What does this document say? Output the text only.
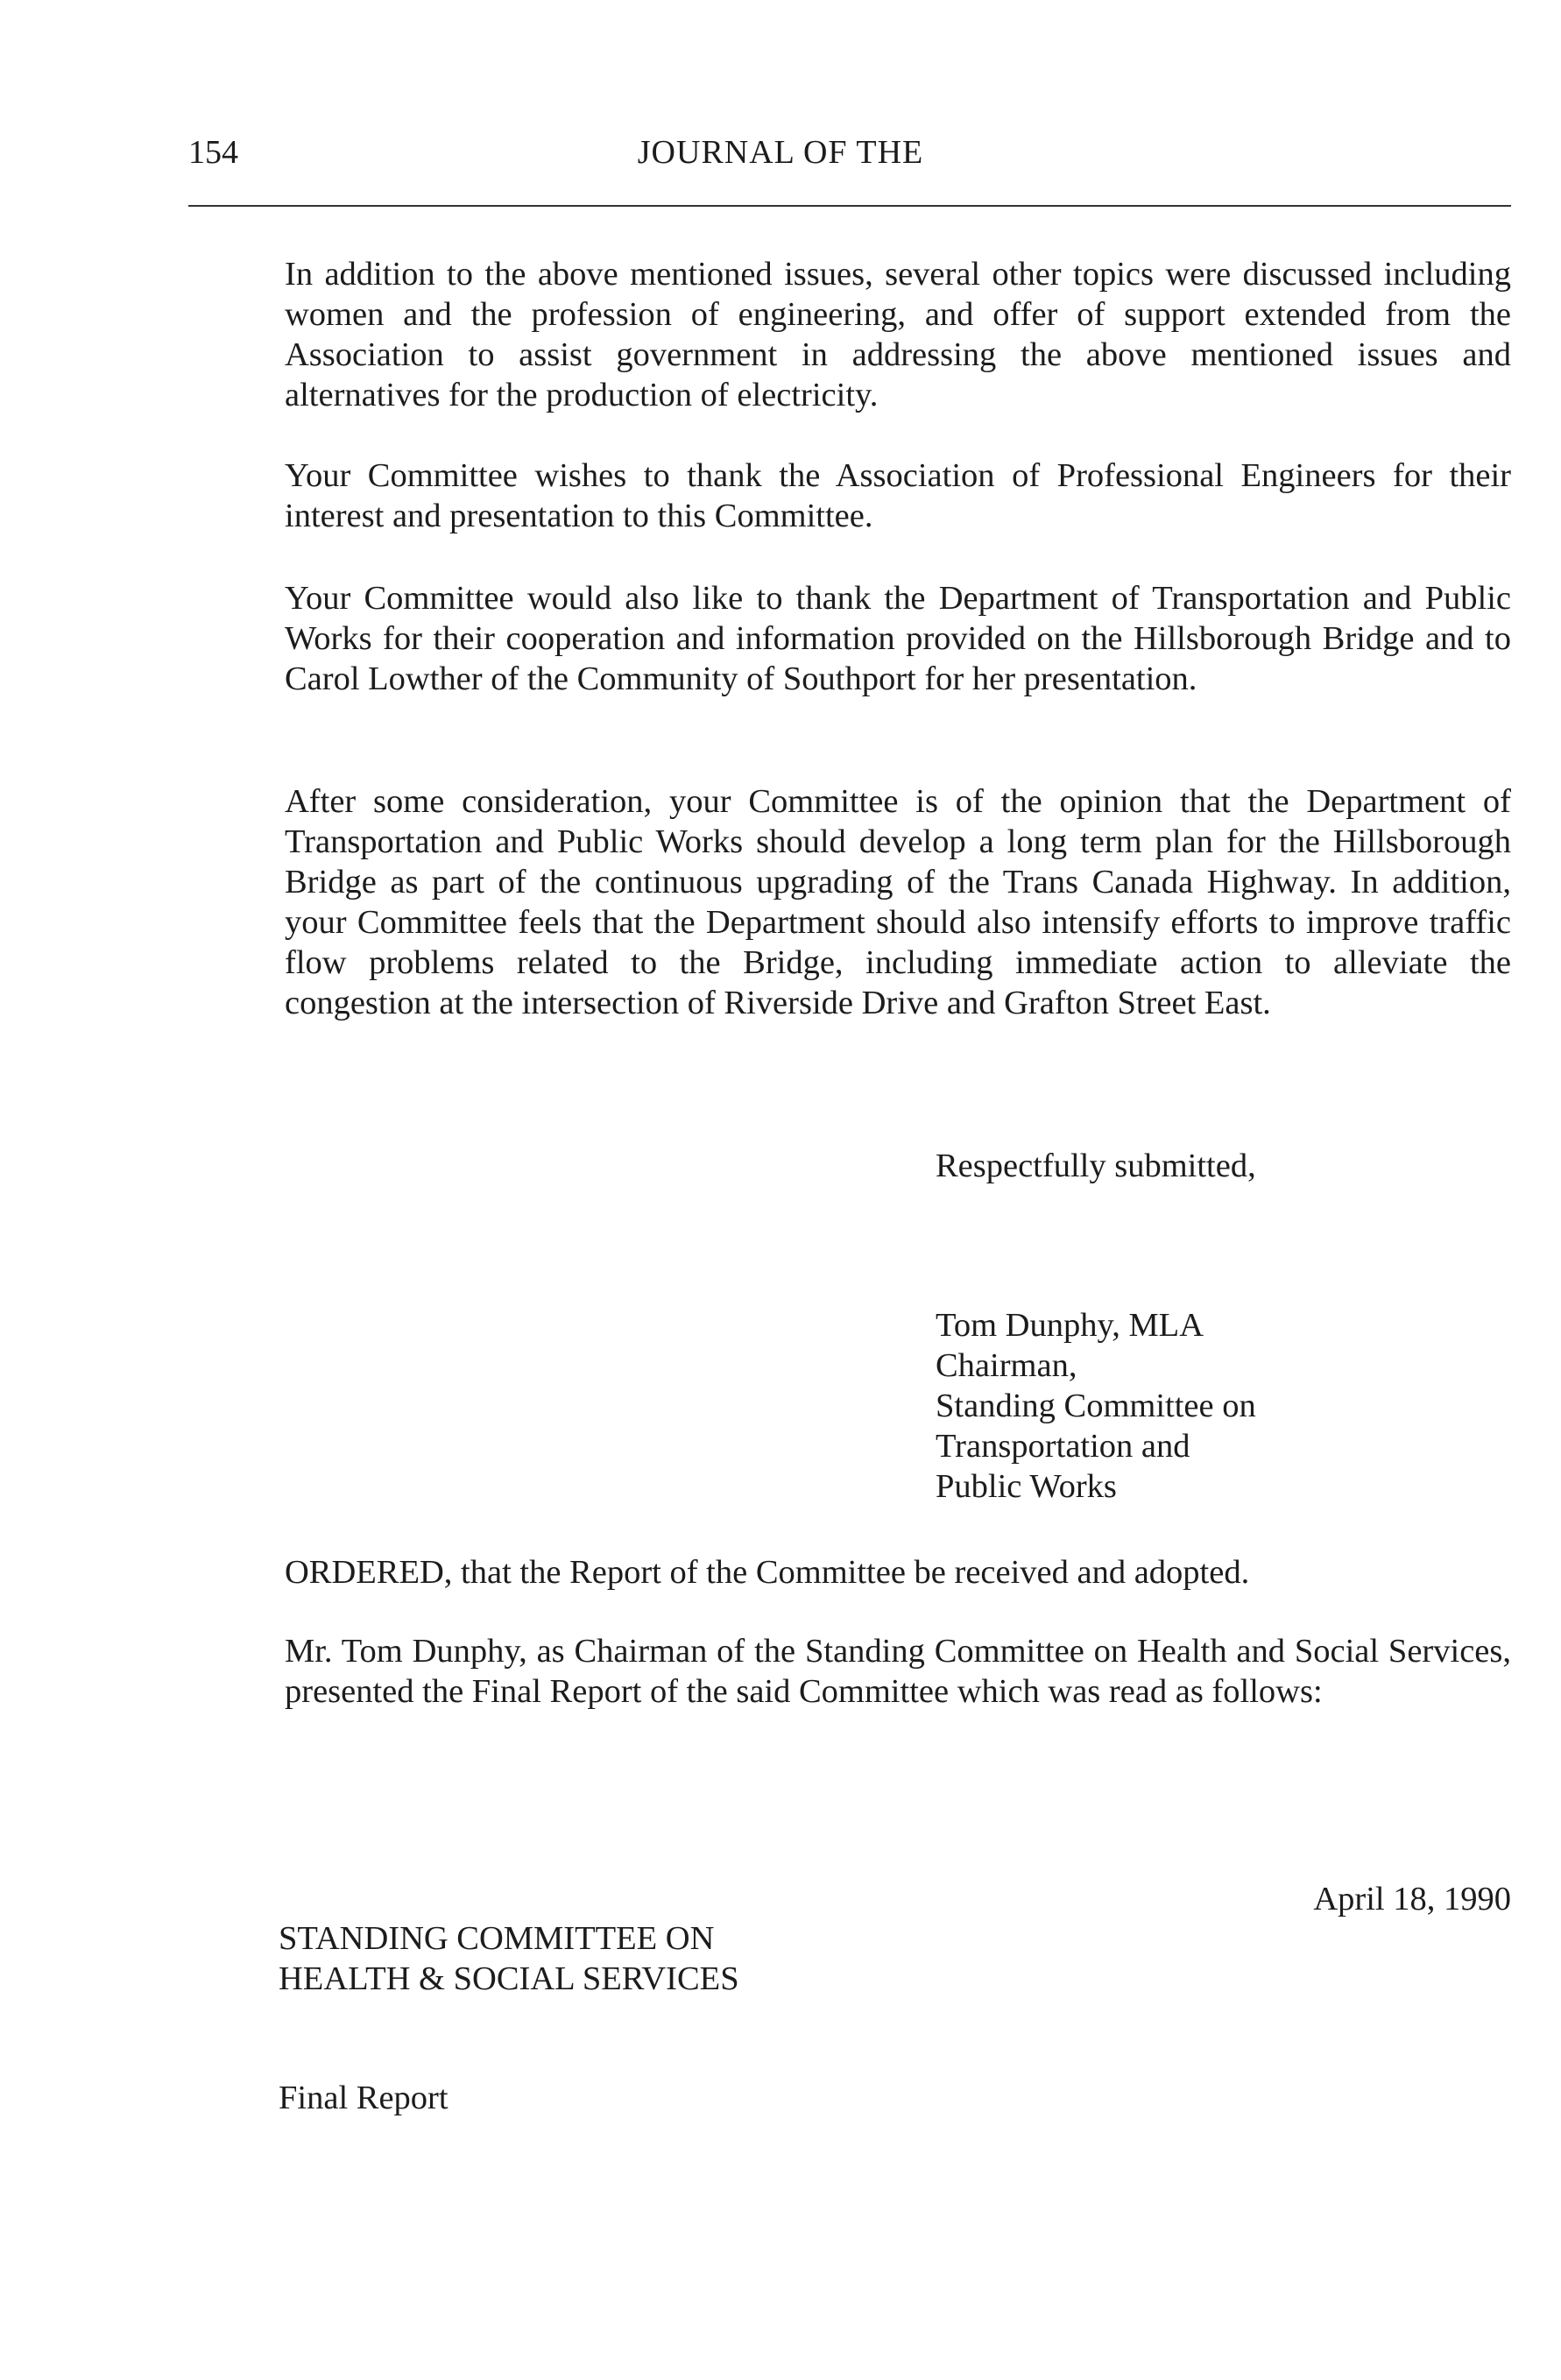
154	JOURNAL OF THE

In addition to the above mentioned issues, several other topics were discussed including women and the profession of engineering, and offer of support extended from the Association to assist government in addressing the above mentioned issues and alternatives for the production of electricity.

Your Committee wishes to thank the Association of Professional Engineers for their interest and presentation to this Committee.

Your Committee would also like to thank the Department of Transportation and Public Works for their cooperation and information provided on the Hillsborough Bridge and to Carol Lowther of the Community of Southport for her presentation.

After some consideration, your Committee is of the opinion that the Department of Transportation and Public Works should develop a long term plan for the Hillsborough Bridge as part of the continuous upgrading of the Trans Canada Highway. In addition, your Committee feels that the Department should also intensify efforts to improve traffic flow problems related to the Bridge, including immediate action to alleviate the congestion at the intersection of Riverside Drive and Grafton Street East.

Respectfully submitted,
Tom Dunphy, MLA
Chairman,
Standing Committee on
Transportation and
Public Works

ORDERED, that the Report of the Committee be received and adopted.

Mr. Tom Dunphy, as Chairman of the Standing Committee on Health and Social Services, presented the Final Report of the said Committee which was read as follows:

April 18, 1990
STANDING COMMITTEE ON
HEALTH & SOCIAL SERVICES
Final Report
